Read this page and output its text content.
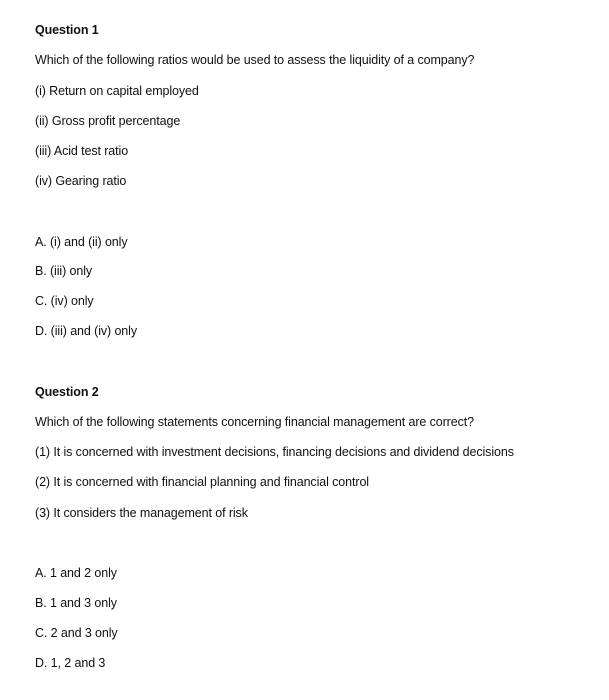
Question 1
Which of the following ratios would be used to assess the liquidity of a company?
(i) Return on capital employed
(ii) Gross profit percentage
(iii) Acid test ratio
(iv) Gearing ratio
A. (i) and (ii) only
B. (iii) only
C. (iv) only
D. (iii) and (iv) only
Question 2
Which of the following statements concerning financial management are correct?
(1) It is concerned with investment decisions, financing decisions and dividend decisions
(2) It is concerned with financial planning and financial control
(3) It considers the management of risk
A. 1 and 2 only
B. 1 and 3 only
C. 2 and 3 only
D. 1, 2 and 3
